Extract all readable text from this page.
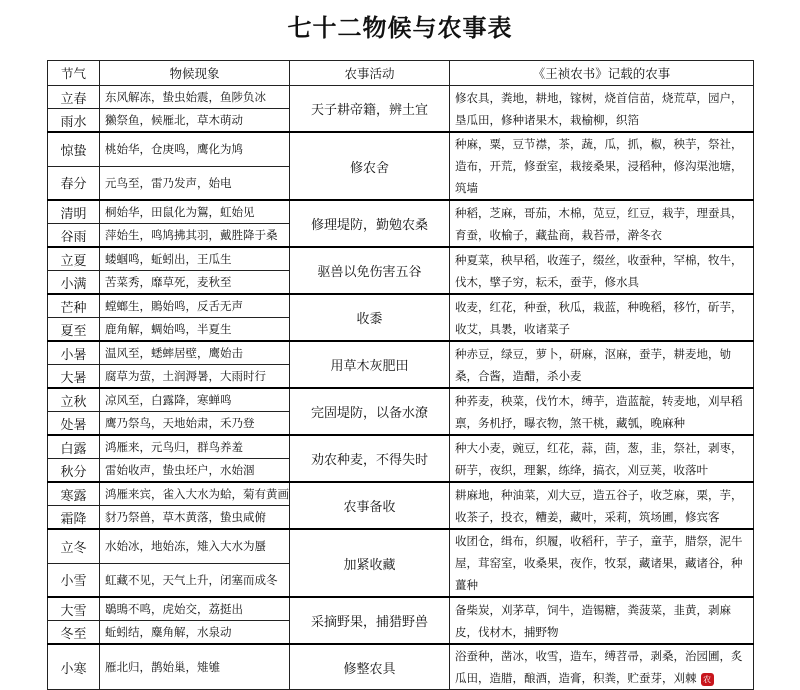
七十二物候与农事表
节气	物候现象	农事活动	《王祯农书》记载的农事
立春	东风解冻，蛰虫始震，鱼陟负冰	天子耕帝籍，辨土宜	修农具，粪地，耕地，镓树，烧首信苗，烧荒草，园户，垦瓜田，修种诸果木，栽榆柳，织箔
雨水	獭祭鱼，候雁北，草木萌动		
惊蛰	桃始华，仓庚鸣，鹰化为鸠	修农舍	种麻，粟，豆节襟，茶，蔬，瓜，抓，椒，秧芋，祭社，造布，开荒，修蚕室，栽接桑果，浸稻种，修沟渠池塘，筑墙
春分	元鸟至，雷乃发声，始电		
清明	桐始华，田鼠化为鴽，虹始见	修理堤防，勤勉农桑	种稻，芝麻，哥茄，木棉，苋豆，红豆，栽芋，理蚕具，育蚕，收榆子，藏盐商，栽苔帚，澣冬衣
谷雨	萍始生，鸣鸠拂其羽，戴胜降于桑		
立夏	蝼蝈鸣，蚯蚓出，王瓜生	驱兽以免伤害五谷	种夏菜，秧早稻，收莲子，缀丝，收蚕种，罕棉，牧牛，伐木，擘子穷，耘禾，蚕芋，修水具
小满	苦菜秀，靡草死，麦秋至		
芒种	螳螂生，鵙始鸣，反舌无声	收黍	收麦，红花，种蚕，秋瓜，栽蓝，种晚稻，移竹，斫芋，收艾，具褁，收诸菜子
夏至	鹿角解，蜩始鸣，半夏生		
小暑	温风至，蟋蟀居壁，鹰始击	用草木灰肥田	种赤豆，绿豆，萝卜，研麻，沤麻，蚕芋，耕麦地，劬桑，合酱，造醋，杀小麦
大暑	腐草为萤，土润溽暑，大雨时行		
立秋	凉风至，白露降，寒蝉鸣	完固堤防，以备水潦	种荞麦，秧菜，伐竹木，缚芋，造蓝靛，转麦地，刈早稻禀，务机抒，曝衣物，煞干桃，藏瓠，晚麻种
处暑	鹰乃祭鸟，天地始肃，禾乃登		
白露	鸿雁来，元鸟归，群鸟养羞	劝农种麦，不得失时	种大小麦，豌豆，红花，蒜，茴，葱，韭，祭社，剥枣，研芋，夜织，理絮，练绛，搞衣，刈豆荚，收落叶
秋分	雷始收声，蛰虫坯户，水始涸		
寒露	鸿雁来宾，雀入大水为蛤，菊有黄画	农事备收	耕麻地，种油菜，刈大豆，造五谷子，收芝麻，栗，芋，收茶子，投衣，糟姜，藏叶，采莉，筑场圃，修宾客
霜降	豺乃祭兽，草木黄落，蛰虫咸俯		
立冬	水始冰，地始冻，雉入大水为蜃	加紧收藏	收团仓，缉布，织履，收稻秆，芋子，童芋，腊祭，泥牛屋，茸窑室，收桑果，夜作，牧泵，藏诸果，藏诸谷，种薑种
小雪	虹藏不见，天气上升，闭塞而成冬		
大雪	鶡鴠不鸣，虎始交，荔挺出	采摘野果，捕猎野兽	备柴炭，刈茅草，饲牛，造锡糖，粪菠菜，韭黄，剥麻皮，伐材木，捕野物
冬至	蚯蚓结，麋角解，水泉动		
小寒	雁北归，鹊始巢，雉雊	修整农具	浴蚕种，凿冰，收雪，造车，缚苕帚，剥桑，治园圃，炙瓜田，造腊，酿酒，造膏，积粪，贮蚕芽，刈棘 农
